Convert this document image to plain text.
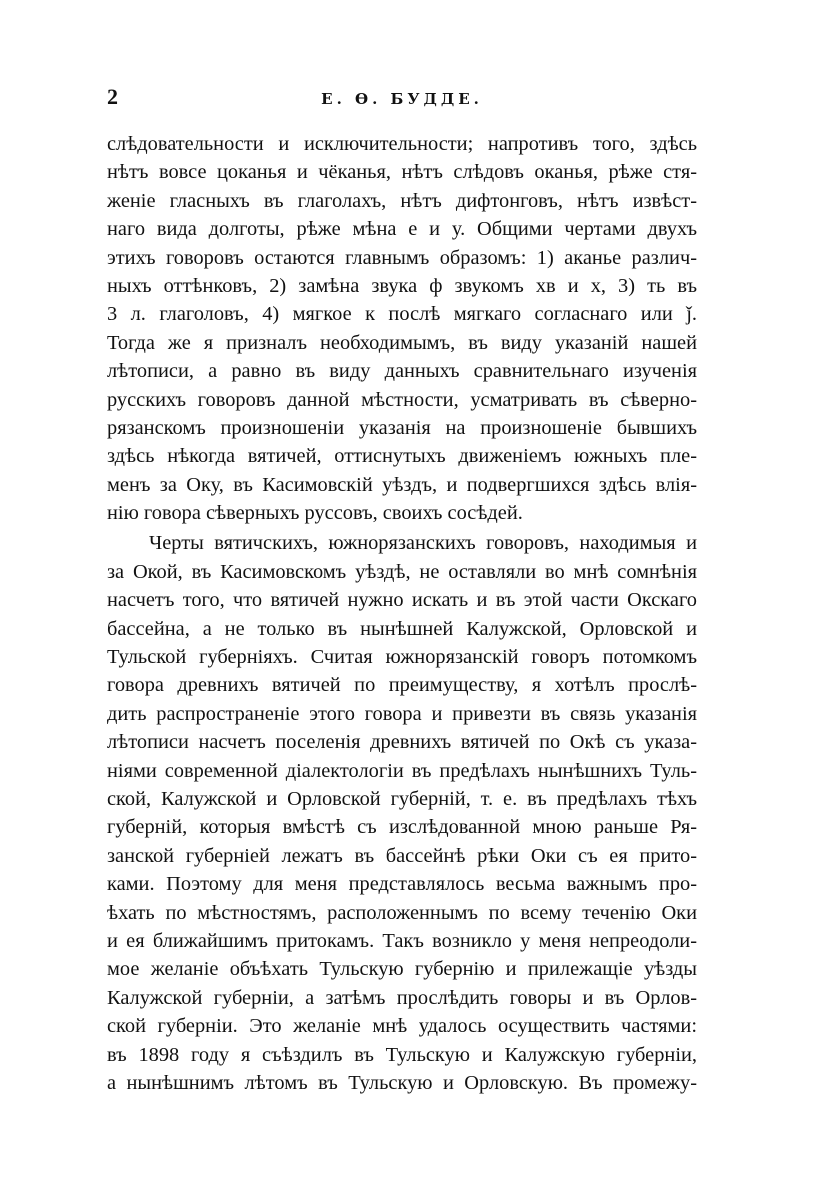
2	Е. Ѳ. БУДДЕ.
слѣдовательности и исключительности; напротивъ того, здѣсь
нѣтъ вовсе цоканья и чёканья, нѣтъ слѣдовъ оканья, рѣже стя-
женіе гласныхъ въ глаголахъ, нѣтъ дифтонговъ, нѣтъ извѣст-
наго вида долготы, рѣже мѣна е и у. Общими чертами двухъ
этихъ говоровъ остаются главнымъ образомъ: 1) аканье различ-
ныхъ оттѣнковъ, 2) замѣна звука ф звукомъ хв и х, 3) ть въ
3 л. глаголовъ, 4) мягкое к послѣ мягкаго согласнаго или ǰ.
Тогда же я призналъ необходимымъ, въ виду указаній нашей
лѣтописи, а равно въ виду данныхъ сравнительнаго изученія
русскихъ говоровъ данной мѣстности, усматривать въ сѣверно-
рязанскомъ произношеніи указанія на произношеніе бывшихъ
здѣсь нѣкогда вятичей, оттиснутыхъ движеніемъ южныхъ пле-
менъ за Оку, въ Касимовскій уѣздъ, и подвергшихся здѣсь влія-
нію говора сѣверныхъ руссовъ, своихъ сосѣдей.
Черты вятичскихъ, южнорязанскихъ говоровъ, находимыя и
за Окой, въ Касимовскомъ уѣздѣ, не оставляли во мнѣ сомнѣнія
насчетъ того, что вятичей нужно искать и въ этой части Окскаго
бассейна, а не только въ нынѣшней Калужской, Орловской и
Тульской губерніяхъ. Считая южнорязанскій говоръ потомкомъ
говора древнихъ вятичей по преимуществу, я хотѣлъ прослѣ-
дить распространеніе этого говора и привезти въ связь указанія
лѣтописи насчетъ поселенія древнихъ вятичей по Окѣ съ указа-
ніями современной діалектологіи въ предѣлахъ нынѣшнихъ Туль-
ской, Калужской и Орловской губерній, т. е. въ предѣлахъ тѣхъ
губерній, которыя вмѣстѣ съ изслѣдованной мною раньше Ря-
занской губерніей лежатъ въ бассейнѣ рѣки Оки съ ея прито-
ками. Поэтому для меня представлялось весьма важнымъ про-
ѣхать по мѣстностямъ, расположеннымъ по всему теченію Оки
и ея ближайшимъ притокамъ. Такъ возникло у меня непреодоли-
мое желаніе объѣхать Тульскую губернію и прилежащіе уѣзды
Калужской губерніи, а затѣмъ прослѣдить говоры и въ Орлов-
ской губерніи. Это желаніе мнѣ удалось осуществить частями:
въ 1898 году я съѣздилъ въ Тульскую и Калужскую губерніи,
а нынѣшнимъ лѣтомъ въ Тульскую и Орловскую. Въ промежу-
